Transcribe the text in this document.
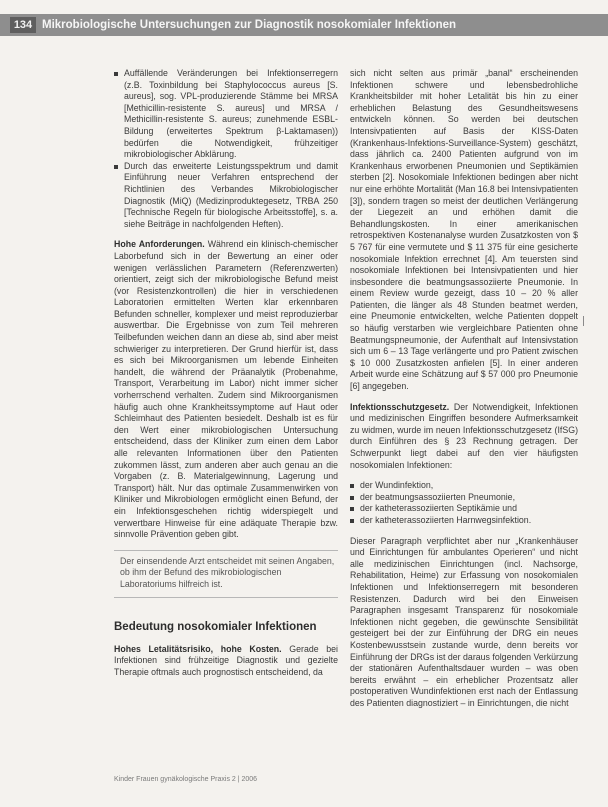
134 Mikrobiologische Untersuchungen zur Diagnostik nosokomialer Infektionen
Auffällende Veränderungen bei Infektionserregern (z.B. Toxinbildung bei Staphylococcus aureus [S. aureus], sog. VPL-produzierende Stämme bei MRSA [Methicillin-resistente S. aureus] und MRSA / Methicillin-resistente S. aureus; zunehmende ESBL-Bildung (erweitertes Spektrum β-Laktamasen)) bedürfen die Notwendigkeit, frühzeitiger mikrobiologischer Abklärung.
Durch das erweiterte Leistungsspektrum und damit Einführung neuer Verfahren entsprechend der Richtlinien des Verbandes Mikrobiologischer Diagnostik (MiQ) (Medizinproduktegesetz, TRBA 250 [Technische Regeln für biologische Arbeitsstoffe], s. a. siehe Beiträge in nachfolgenden Heften).

Hohe Anforderungen. Während ein klinisch-chemischer Laborbefund sich in der Bewertung an einer oder wenigen verlässlichen Parametern (Referenzwerten) orientiert, zeigt sich der mikrobiologische Befund meist (vor Resistenzkontrollen) die hier in verschiedenen Laboratorien ermittelten Werten klar erkennbaren Befunden schneller, komplexer und meist reproduzierbar auswertbar. Die Ergebnisse von zum Teil mehreren Teilbefunden weichen dann an diese ab, sind aber meist schwieriger zu interpretieren. Der Grund hierfür ist, dass es sich bei Mikroorganismen um lebende Einheiten handelt, die während der Präanalytik (Probenahme, Transport, Verarbeitung im Labor) nicht immer sicher vorherrschend verhalten. Zudem sind Mikroorganismen häufig auch ohne Krankheitssymptome auf Haut oder Schleimhaut des Patienten besiedelt. Deshalb ist es für den Wert einer mikrobiologischen Untersuchung entscheidend, dass der Kliniker zum einen dem Labor alle relevanten Informationen über den Patienten zukommen lässt, zum anderen aber auch genau an die Vorgaben (z. B. Materialgewinnung, Lagerung und Transport) hält. Nur das optimale Zusammenwirken von Kliniker und Mikrobiologen ermöglicht einen Befund, der ein Infektionsgeschehen richtig widerspiegelt und verwertbare Hinweise für eine adäquate Therapie bzw. sinnvolle Prävention geben gibt.

Der einsendende Arzt entscheidet mit seinen Angaben, ob ihm der Befund des mikrobiologischen Laboratoriums hilfreich ist.
Bedeutung nosokomialer Infektionen

Hohes Letalitätsrisiko, hohe Kosten. Gerade bei Infektionen sind frühzeitige Diagnostik und gezielte Therapie oftmals auch prognostisch entscheidend, da

sich nicht selten aus primär „banal“ erscheinenden Infektionen schwere und lebensbedrohliche Krankheitsbilder mit hoher Letalität bis hin zu einer erheblichen Belastung des Gesundheitswesens entwickeln können. So werden bei deutschen Intensivpatienten auf Basis der KISS-Daten (Krankenhaus-Infektions-Surveillance-System) geschätzt, dass jährlich ca. 2400 Patienten aufgrund von im Krankenhaus erworbenen Pneumonien und Septikämien sterben [2]. Nosokomiale Infektionen bedingen aber nicht nur eine erhöhte Mortalität (Man 16.8 bei Intensivpatienten [3]), sondern tragen so meist der deutlichen Verlängerung der Liegezeit an und erhöhen damit die Behandlungskosten. In einer amerikanischen retrospektiven Kostenanalyse wurden Zusatzkosten von $ 5 767 für eine vermutete und $ 11 375 für eine gesicherte nosokomiale Infektion errechnet [4]. Am teuersten sind nosokomiale Infektionen bei Intensivpatienten und hier insbesondere die beatmungsassoziierte Pneumonie. In einem Review wurde gezeigt, dass 10 – 20 % aller Patienten, die länger als 48 Stunden beatmet werden, eine Pneumonie entwickelten, welche Patienten doppelt so häufig verstarben wie vergleichbare Patienten ohne Beatmungspneumonie, der Aufenthalt auf Intensivstation sich um 6 – 13 Tage verlängerte und pro Patient zwischen $ 10 000 Zusatzkosten anfielen [5]. In einer anderen Arbeit wurde eine Schätzung auf $ 57 000 pro Pneumonie [6] angegeben.

Infektionsschutzgesetz. Der Notwendigkeit, Infektionen und medizinischen Eingriffen besondere Aufmerksamkeit zu widmen, wurde im neuen Infektionsschutzgesetz (IfSG) durch Einführen des § 23 Rechnung getragen. Der Schwerpunkt liegt dabei auf den vier häufigsten nosokomialen Infektionen:

der Wundinfektion,
der beatmungsassoziierten Pneumonie,
der katheterassoziierten Septikämie und
der katheterassoziierten Harnwegsinfektion.

Dieser Paragraph verpflichtet aber nur „Krankenhäuser und Einrichtungen für ambulantes Operieren“ und nicht alle medizinischen Einrichtungen (incl. Nachsorge, Rehabilitation, Heime) zur Erfassung von nosokomialen Infektionen und Infektionserregern mit besonderen Resistenzen. Dadurch wird bei den Einweisen Paragraphen insgesamt Transparenz für nosokomiale Infektionen nicht gegeben, die gewünschte Sensibilität gesteigert bei der zur Einführung der DRG ein neues Kostenbewusstsein zustande wurde, denn bereits vor Einführung der DRGs ist der daraus folgenden Verkürzung der stationären Aufenthaltsdauer wurden – was oben bereits erwähnt – ein erheblicher Prozentsatz aller postoperativen Wundinfektionen erst nach der Entlassung des Patienten diagnostiziert – in Einrichtungen, die nicht

Kinder Frauen gynäkologische Praxis 2 | 2006
